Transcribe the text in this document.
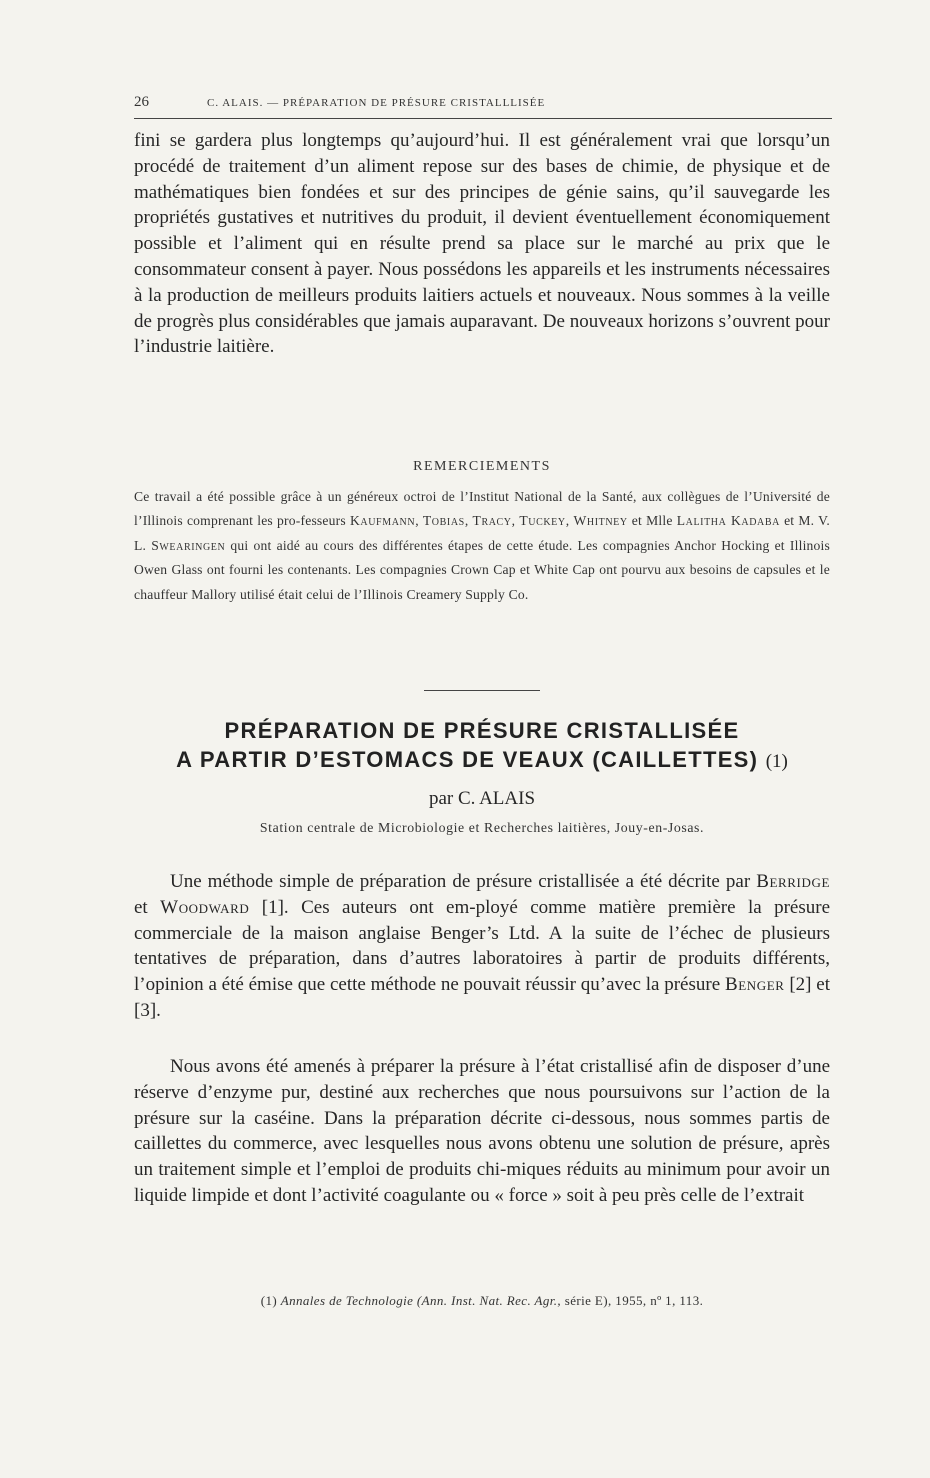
26	C. ALAIS. — PRÉPARATION DE PRÉSURE CRISTALLLISÉE

fini se gardera plus longtemps qu’aujourd’hui. Il est généralement vrai que lorsqu’un procédé de traitement d’un aliment repose sur des bases de chimie, de physique et de mathématiques bien fondées et sur des principes de génie sains, qu’il sauvegarde les propriétés gustatives et nutritives du produit, il devient éventuellement économiquement possible et l’aliment qui en résulte prend sa place sur le marché au prix que le consommateur consent à payer. Nous possédons les appareils et les instruments nécessaires à la production de meilleurs produits laitiers actuels et nouveaux. Nous sommes à la veille de progrès plus considérables que jamais auparavant. De nouveaux horizons s’ouvrent pour l’industrie laitière.

REMERCIEMENTS

Ce travail a été possible grâce à un généreux octroi de l’Institut National de la Santé, aux collègues de l’Université de l’Illinois comprenant les pro-fesseurs Kaufmann, Tobias, Tracy, Tuckey, Whitney et Mlle Lalitha Kadaba et M. V. L. Swearingen qui ont aidé au cours des différentes étapes de cette étude. Les compagnies Anchor Hocking et Illinois Owen Glass ont fourni les contenants. Les compagnies Crown Cap et White Cap ont pourvu aux besoins de capsules et le chauffeur Mallory utilisé était celui de l’Illinois Creamery Supply Co.

PRÉPARATION DE PRÉSURE CRISTALLISÉE
A PARTIR D’ESTOMACS DE VEAUX (CAILLETTES) (1)
par C. ALAIS
Station centrale de Microbiologie et Recherches laitières, Jouy-en-Josas.

Une méthode simple de préparation de présure cristallisée a été décrite par Berridge et Woodward [1]. Ces auteurs ont em-ployé comme matière première la présure commerciale de la maison anglaise Benger’s Ltd. A la suite de l’échec de plusieurs tentatives de préparation, dans d’autres laboratoires à partir de produits différents, l’opinion a été émise que cette méthode ne pouvait réussir qu’avec la présure Benger [2] et [3].

Nous avons été amenés à préparer la présure à l’état cristallisé afin de disposer d’une réserve d’enzyme pur, destiné aux recherches que nous poursuivons sur l’action de la présure sur la caséine. Dans la préparation décrite ci-dessous, nous sommes partis de caillettes du commerce, avec lesquelles nous avons obtenu une solution de présure, après un traitement simple et l’emploi de produits chi-miques réduits au minimum pour avoir un liquide limpide et dont l’activité coagulante ou « force » soit à peu près celle de l’extrait

(1) Annales de Technologie (Ann. Inst. Nat. Rec. Agr., série E), 1955, nº 1, 113.
